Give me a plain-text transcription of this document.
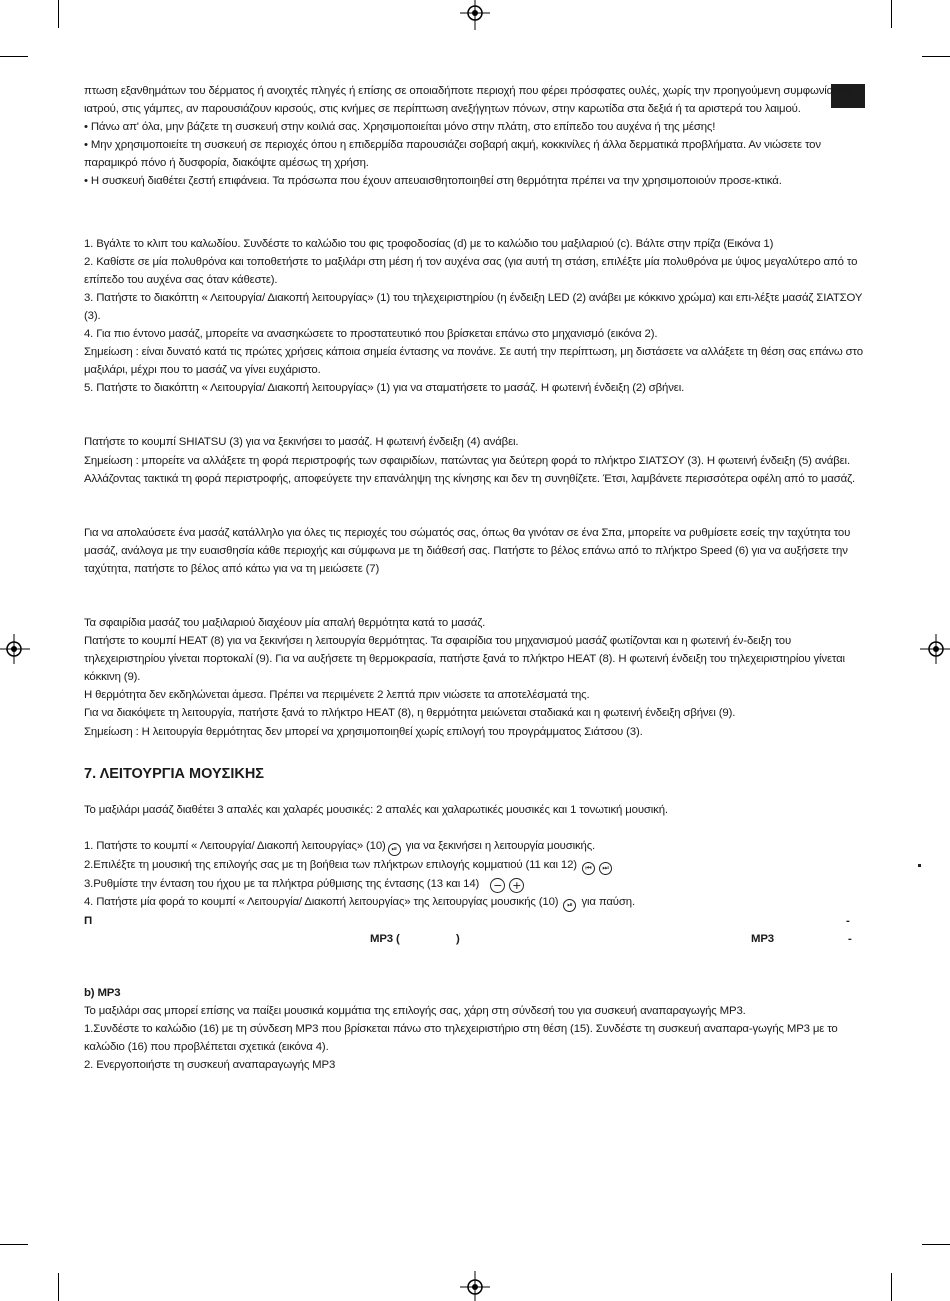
πτωση εξανθημάτων του δέρματος ή ανοιχτές πληγές ή επίσης σε οποιαδήποτε περιοχή που φέρει πρόσφατες ουλές, χωρίς την προηγούμενη συμφωνία του ιατρού, στις γάμπες, αν παρουσιάζουν κιρσούς, στις κνήμες σε περίπτωση ανεξήγητων πόνων, στην καρωτίδα στα δεξιά ή τα αριστερά του λαιμού.

• Πάνω απ' όλα, μην βάζετε τη συσκευή στην κοιλιά σας. Χρησιμοποιείται μόνο στην πλάτη, στο επίπεδο του αυχένα ή της μέσης!

• Μην χρησιμοποιείτε τη συσκευή σε περιοχές όπου η επιδερμίδα παρουσιάζει σοβαρή ακμή, κοκκινίλες ή άλλα δερματικά προβλήματα. Αν νιώσετε τον παραμικρό πόνο ή δυσφορία, διακόψτε αμέσως τη χρήση.

• Η συσκευή διαθέτει ζεστή επιφάνεια. Τα πρόσωπα που έχουν απευαισθητοποιηθεί στη θερμότητα πρέπει να την χρησιμοποιούν προσε-κτικά.

1. Βγάλτε το κλιπ του καλωδίου. Συνδέστε το καλώδιο του φις τροφοδοσίας (d) με το καλώδιο του μαξιλαριού (c). Βάλτε στην πρίζα (Εικόνα 1)

2. Καθίστε σε μία πολυθρόνα και τοποθετήστε το μαξιλάρι στη μέση ή τον αυχένα σας (για αυτή τη στάση, επιλέξτε μία πολυθρόνα με ύψος μεγαλύτερο από το επίπεδο του αυχένα σας όταν κάθεστε).

3. Πατήστε το διακόπτη « Λειτουργία/ Διακοπή λειτουργίας» (1) του τηλεχειριστηρίου (η ένδειξη LED (2) ανάβει με κόκκινο χρώμα) και επι-λέξτε μασάζ ΣΙΑΤΣΟΥ (3).

4. Για πιο έντονο μασάζ, μπορείτε να ανασηκώσετε το προστατευτικό που βρίσκεται επάνω στο μηχανισμό (εικόνα 2).

Σημείωση : είναι δυνατό κατά τις πρώτες χρήσεις κάποια σημεία έντασης να πονάνε. Σε αυτή την περίπτωση, μη διστάσετε να αλλάξετε τη θέση σας επάνω στο μαξιλάρι, μέχρι που το μασάζ να γίνει ευχάριστο.

5. Πατήστε το διακόπτη « Λειτουργία/ Διακοπή λειτουργίας» (1) για να σταματήσετε το μασάζ. Η φωτεινή ένδειξη (2) σβήνει.

Πατήστε το κουμπί SHIATSU (3) για να ξεκινήσει το μασάζ. Η φωτεινή ένδειξη (4) ανάβει.

Σημείωση : μπορείτε να αλλάξετε τη φορά περιστροφής των σφαιριδίων, πατώντας για δεύτερη φορά το πλήκτρο ΣΙΑΤΣΟΥ (3). Η φωτεινή ένδειξη (5) ανάβει.

Αλλάζοντας τακτικά τη φορά περιστροφής, αποφεύγετε την επανάληψη της κίνησης και δεν τη συνηθίζετε. Έτσι, λαμβάνετε περισσότερα οφέλη από το μασάζ.

Για να απολαύσετε ένα μασάζ κατάλληλο για όλες τις περιοχές του σώματός σας, όπως θα γινόταν σε ένα Σπα, μπορείτε να ρυθμίσετε εσείς την ταχύτητα του μασάζ, ανάλογα με την ευαισθησία κάθε περιοχής και σύμφωνα με τη διάθεσή σας. Πατήστε το βέλος επάνω από το πλήκτρο Speed (6) για να αυξήσετε την ταχύτητα, πατήστε το βέλος από κάτω για να τη μειώσετε (7)

Τα σφαιρίδια μασάζ του μαξιλαριού διαχέουν μία απαλή θερμότητα κατά το μασάζ.

Πατήστε το κουμπί HEAT (8) για να ξεκινήσει η λειτουργία θερμότητας. Τα σφαιρίδια του μηχανισμού μασάζ φωτίζονται και η φωτεινή έν-δειξη του τηλεχειριστηρίου γίνεται πορτοκαλί (9). Για να αυξήσετε τη θερμοκρασία, πατήστε ξανά το πλήκτρο HEAT (8). Η φωτεινή ένδειξη του τηλεχειριστηρίου γίνεται κόκκινη (9).

Η θερμότητα δεν εκδηλώνεται άμεσα. Πρέπει να περιμένετε 2 λεπτά πριν νιώσετε τα αποτελέσματά της.

Για να διακόψετε τη λειτουργία, πατήστε ξανά το πλήκτρο HEAT (8), η θερμότητα μειώνεται σταδιακά και η φωτεινή ένδειξη σβήνει (9).

Σημείωση : Η λειτουργία θερμότητας δεν μπορεί να χρησιμοποιηθεί χωρίς επιλογή του προγράμματος Σιάτσου (3).

7. ΛΕΙΤΟΥΡΓΙΑ ΜΟΥΣΙΚΗΣ

Το μαξιλάρι μασάζ διαθέτει 3 απαλές και χαλαρές μουσικές: 2 απαλές και χαλαρωτικές μουσικές και 1 τονωτική μουσική.

1. Πατήστε το κουμπί « Λειτουργία/ Διακοπή λειτουργίας» (10) ⏯ για να ξεκινήσει η λειτουργία μουσικής.

2.Επιλέξτε τη μουσική της επιλογής σας με τη βοήθεια των πλήκτρων επιλογής κομματιού (11 και 12) ⏮ ⏭

3.Ρυθμίστε την ένταση του ήχου με τα πλήκτρα ρύθμισης της έντασης (13 και 14) − +

4. Πατήστε μία φορά το κουμπί « Λειτουργία/ Διακοπή λειτουργίας» της λειτουργίας μουσικής (10) ⏯ για παύση.

Π	-
MP3 (	)	MP3	-

b) MP3

Το μαξιλάρι σας μπορεί επίσης να παίξει μουσικά κομμάτια της επιλογής σας, χάρη στη σύνδεσή του για συσκευή αναπαραγωγής MP3.

1.Συνδέστε το καλώδιο (16) με τη σύνδεση MP3 που βρίσκεται πάνω στο τηλεχειριστήριο στη θέση (15). Συνδέστε τη συσκευή αναπαρα-γωγής MP3 με το καλώδιο (16) που προβλέπεται σχετικά (εικόνα 4).

2. Ενεργοποιήστε τη συσκευή αναπαραγωγής MP3
